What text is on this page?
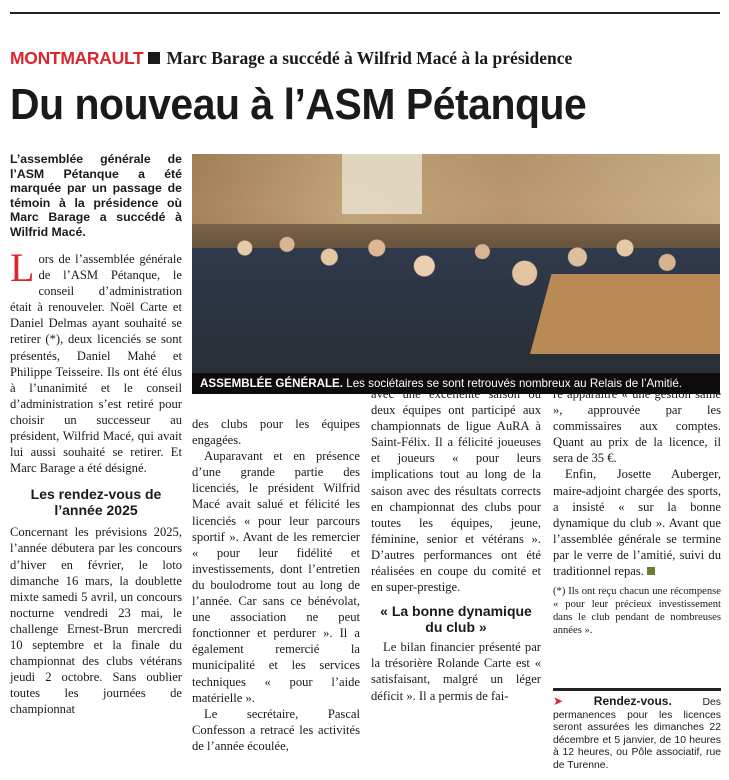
MONTMARAULT Marc Barage a succédé à Wilfrid Macé à la présidence
Du nouveau à l’ASM Pétanque

L’assemblée générale de l’ASM Pétanque a été marquée par un passage de témoin à la présidence où Marc Barage a succédé à Wilfrid Macé.

Lors de l’assemblée générale de l’ASM Pétanque, le conseil d’administration était à renouveler. Noël Carte et Daniel Delmas ayant souhaité se retirer (*), deux licenciés se sont présentés, Daniel Mahé et Philippe Teisseire. Ils ont été élus à l’unanimité et le conseil d’administration s’est retiré pour choisir un successeur au président, Wilfrid Macé, qui avait lui aussi souhaité se retirer. Et Marc Barage a été désigné.

Les rendez-vous de l’année 2025

Concernant les prévisions 2025, l’année débutera par les concours d’hiver en février, le loto dimanche 16 mars, la doublette mixte samedi 5 avril, un concours nocturne vendredi 23 mai, le challenge Ernest-Brun mercredi 10 septembre et la finale du championnat des clubs vétérans jeudi 2 octobre. Sans oublier toutes les journées de championnat

ASSEMBLÉE GÉNÉRALE. Les sociétaires se sont retrouvés nombreux au Relais de l’Amitié.

des clubs pour les équipes engagées.

Auparavant et en présence d’une grande partie des licenciés, le président Wilfrid Macé avait salué et félicité les licenciés « pour leur parcours sportif ». Avant de les remercier « pour leur fidélité et investissements, dont l’entretien du boulodrome tout au long de l’année. Car sans ce bénévolat, une association ne peut fonctionner et perdurer ». Il a également remercié la municipalité et les services techniques « pour l’aide matérielle ».

Le secrétaire, Pascal Confesson a retracé les activités de l’année écoulée,

avec une excellente saison ou deux équipes ont participé aux championnats de ligue AuRA à Saint-Félix. Il a félicité joueuses et joueurs « pour leurs implications tout au long de la saison avec des résultats corrects en championnat des clubs pour toutes les équipes, jeune, féminine, senior et vétérans ». D’autres performances ont été réalisées en coupe du comité et en super-prestige.

« La bonne dynamique du club »

Le bilan financier présenté par la trésorière Rolande Carte est « satisfaisant, malgré un léger déficit ». Il a permis de fai-

re apparaître « une gestion saine », approuvée par les commissaires aux comptes. Quant au prix de la licence, il sera de 35 €.

Enfin, Josette Auberger, maire-adjoint chargée des sports, a insisté « sur la bonne dynamique du club ». Avant que l’assemblée générale se termine par le verre de l’amitié, suivi du traditionnel repas.

(*) Ils ont reçu chacun une récompense « pour leur précieux investissement dans le club pendant de nombreuses années ».

➤	Rendez-vous.	Des permanences pour les licences seront assurées les dimanches 22 décembre et 5 janvier, de 10 heures à 12 heures, ou Pôle associatif, rue de Turenne.
